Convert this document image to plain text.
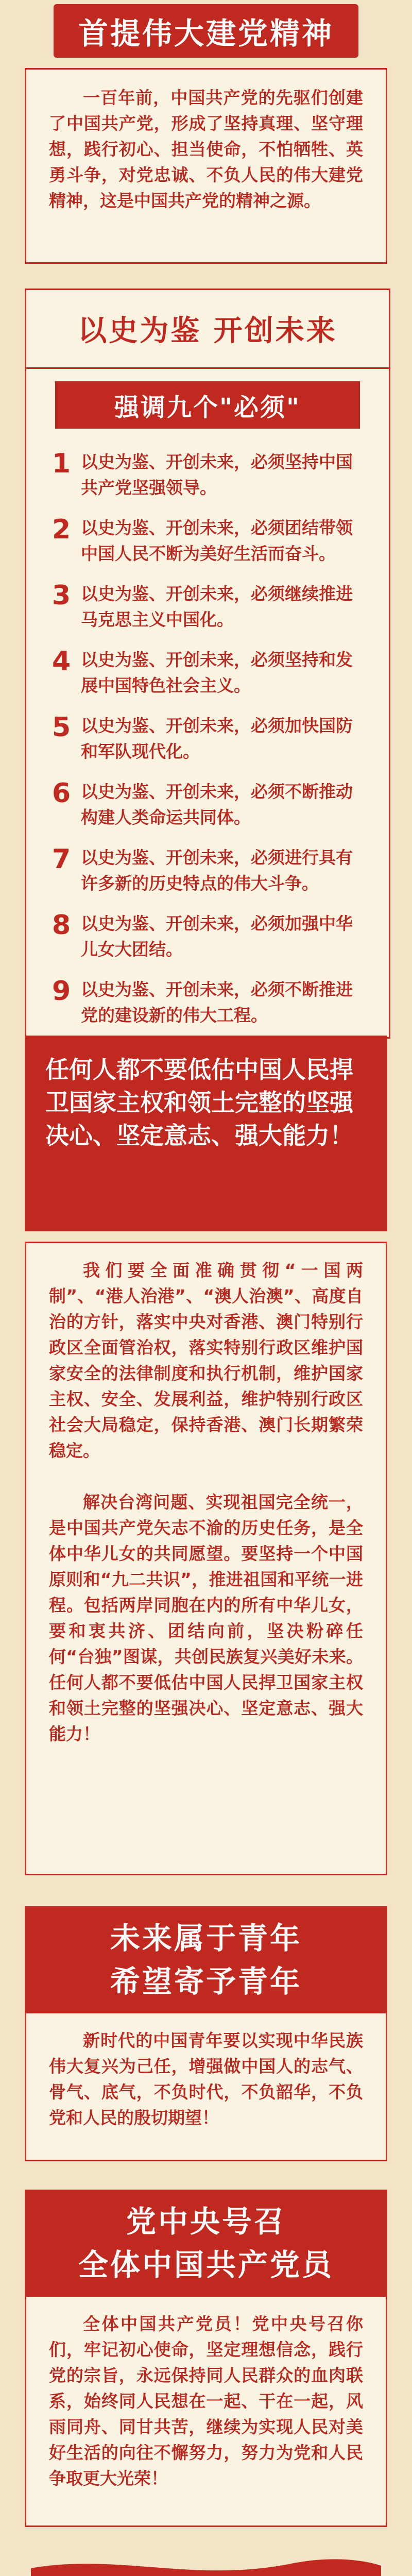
首提伟大建党精神

一百年前，中国共产党的先驱们创建了中国共产党，形成了坚持真理、坚守理想，践行初心、担当使命，不怕牺牲、英勇斗争，对党忠诚、不负人民的伟大建党精神，这是中国共产党的精神之源。

以史为鉴 开创未来
强调九个"必须"
1 以史为鉴、开创未来，必须坚持中国共产党坚强领导。
2 以史为鉴、开创未来，必须团结带领中国人民不断为美好生活而奋斗。
3 以史为鉴、开创未来，必须继续推进马克思主义中国化。
4 以史为鉴、开创未来，必须坚持和发展中国特色社会主义。
5 以史为鉴、开创未来，必须加快国防和军队现代化。
6 以史为鉴、开创未来，必须不断推动构建人类命运共同体。
7 以史为鉴、开创未来，必须进行具有许多新的历史特点的伟大斗争。
8 以史为鉴、开创未来，必须加强中华儿女大团结。
9 以史为鉴、开创未来，必须不断推进党的建设新的伟大工程。
任何人都不要低估中国人民捍卫国家主权和领土完整的坚强决心、坚定意志、强大能力！

我们要全面准确贯彻“一国两制”、“港人治港”、“澳人治澳”、高度自治的方针，落实中央对香港、澳门特别行政区全面管治权，落实特别行政区维护国家安全的法律制度和执行机制，维护国家主权、安全、发展利益，维护特别行政区社会大局稳定，保持香港、澳门长期繁荣稳定。

解决台湾问题、实现祖国完全统一，是中国共产党矢志不渝的历史任务，是全体中华儿女的共同愿望。要坚持一个中国原则和“九二共识”，推进祖国和平统一进程。包括两岸同胞在内的所有中华儿女，要和衷共济、团结向前，坚决粉碎任何“台独”图谋，共创民族复兴美好未来。任何人都不要低估中国人民捍卫国家主权和领土完整的坚强决心、坚定意志、强大能力！

未来属于青年
希望寄予青年

新时代的中国青年要以实现中华民族伟大复兴为己任，增强做中国人的志气、骨气、底气，不负时代，不负韶华，不负党和人民的殷切期望！

党中央号召
全体中国共产党员

全体中国共产党员！党中央号召你们，牢记初心使命，坚定理想信念，践行党的宗旨，永远保持同人民群众的血肉联系，始终同人民想在一起、干在一起，风雨同舟、同甘共苦，继续为实现人民对美好生活的向往不懈努力，努力为党和人民争取更大光荣！
